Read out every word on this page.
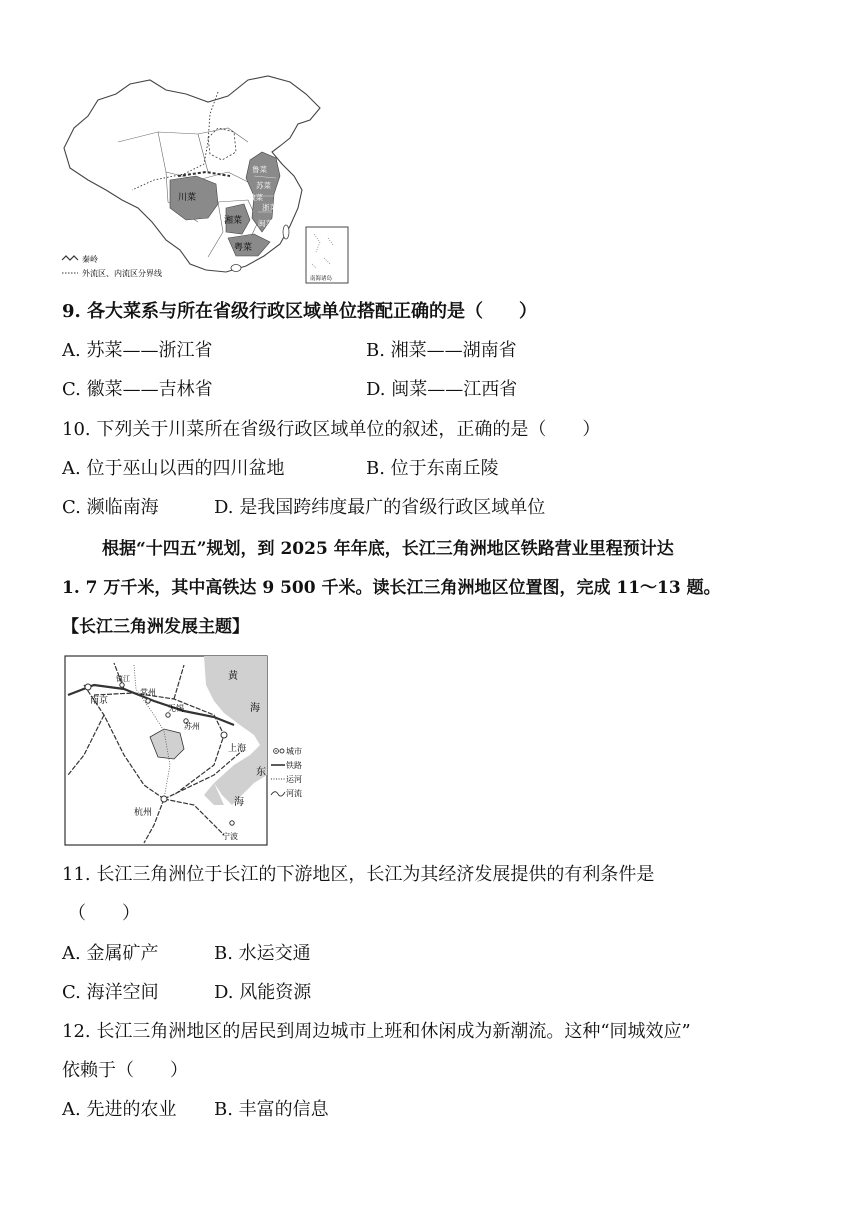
川菜
湘菜
粤菜
鲁菜
苏菜
徽菜
浙菜
闽菜
秦岭
外流区、内流区分界线
南海诸岛
9. 各大菜系与所在省级行政区域单位搭配正确的是（　　）
A. 苏菜——浙江省	B. 湘菜——湖南省
C. 徽菜——吉林省	D. 闽菜——江西省
10. 下列关于川菜所在省级行政区域单位的叙述，正确的是（　　）
A. 位于巫山以西的四川盆地	B. 位于东南丘陵
C. 濒临南海	D. 是我国跨纬度最广的省级行政区域单位
根据“十四五”规划，到 2025 年年底，长江三角洲地区铁路营业里程预计达
1. 7 万千米，其中高铁达 9 500 千米。读长江三角洲地区位置图，完成 11～13 题。
【长江三角洲发展主题】
南京
镇江
常州
无锡
苏州
上海
杭州
宁波
黄
海
东
海
城市
铁路
运河
河流
11. 长江三角洲位于长江的下游地区，长江为其经济发展提供的有利条件是
（　　）
A. 金属矿产	B. 水运交通
C. 海洋空间	D. 风能资源
12. 长江三角洲地区的居民到周边城市上班和休闲成为新潮流。这种“同城效应”
依赖于（　　）
A. 先进的农业 B. 丰富的信息
